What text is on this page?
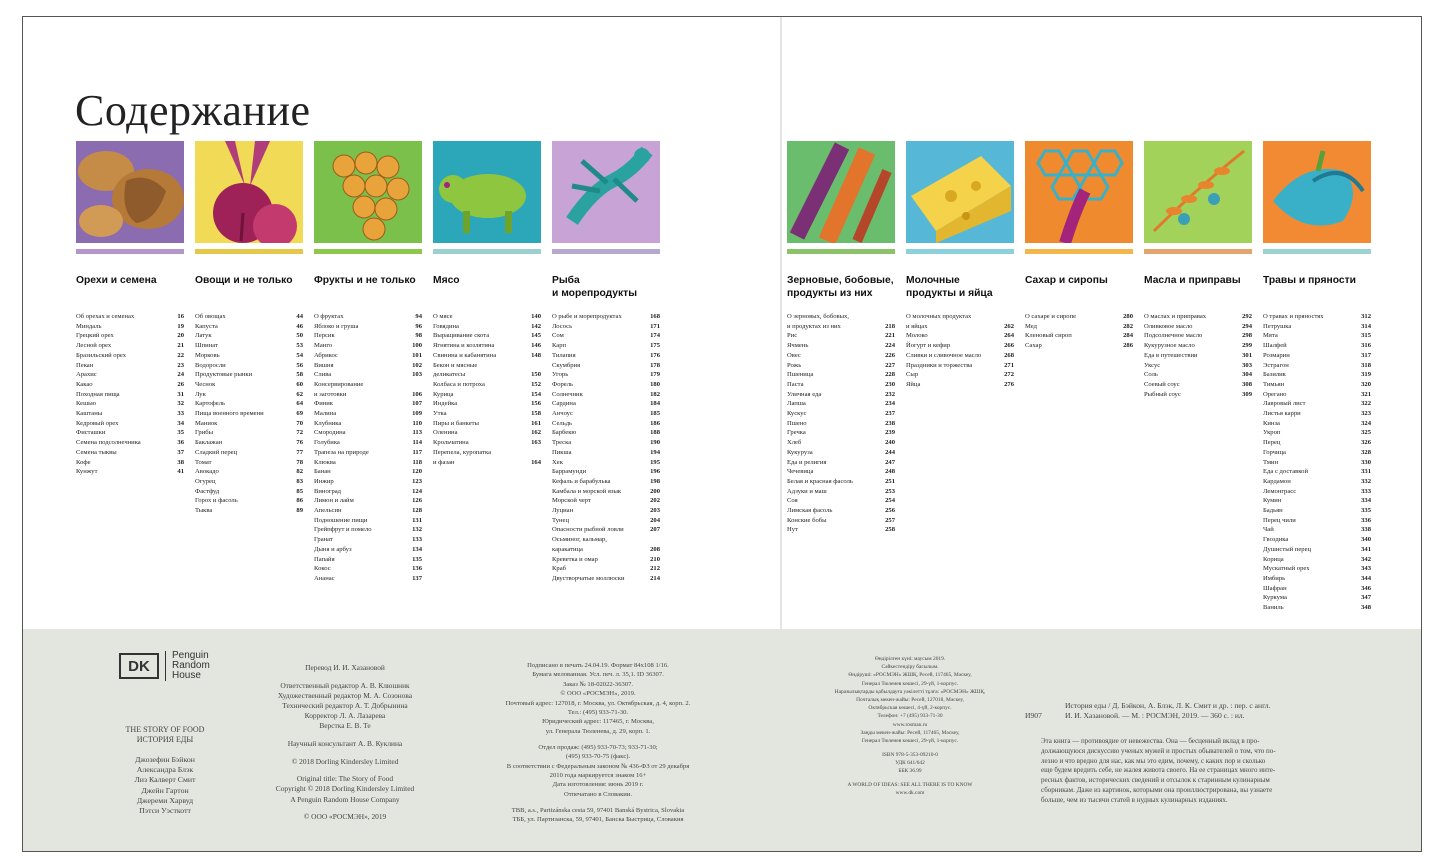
Содержание
Орехи и семена
Об орехах и семенах	16
Миндаль	19
Грецкий орех	20
Лесной орех	21
Бразильский орех	22
Пекан	23
Арахис	24
Какао	26
Походная пища	31
Кешью	32
Каштаны	33
Кедровый орех	34
Фисташки	35
Семена подсолнечника	36
Семена тыквы	37
Кофе	38
Кунжут	41
Овощи и не только
Об овощах	44
Капуста	46
Латук	50
Шпинат	53
Морковь	54
Водоросли	56
Продуктовые рынки	58
Чеснок	60
Лук	62
Картофель	64
Пища военного времени	69
Маниок	70
Грибы	72
Баклажан	76
Сладкий перец	77
Томат	78
Авокадо	82
Огурец	83
Фастфуд	85
Горох и фасоль	86
Тыква	89
Фрукты и не только
О фруктах	94
Яблоко и груша	96
Персик	98
Манго	100
Абрикос	101
Вишня	102
Слива	103
Консервирование
и заготовки	106
Финик	107
Малина	109
Клубника	110
Смородина	113
Голубика	114
Трапеза на природе	117
Клюква	118
Банан	120
Инжир	123
Виноград	124
Лимон и лайм	126
Апельсин	128
Подношение пищи	131
Грейпфрут и помело	132
Гранат	133
Дыня и арбуз	134
Папайя	135
Кокос	136
Ананас	137
Мясо
О мясе	140
Говядина	142
Выращивание скота	145
Ягнятина и козлятина	146
Свинина и кабанятина	148
Бекон и мясные
деликатесы	150
Колбаса и потроха	152
Курица	154
Индейка	156
Утка	158
Пиры и банкеты	161
Оленина	162
Крольчатина	163
Перепела, куропатка
и фазан	164
Рыба
и морепродукты
О рыбе и морепродуктах	168
Лосось	171
Сом	174
Карп	175
Тилапия	176
Скумбрия	178
Угорь	179
Форель	180
Солнечник	182
Сардина	184
Анчоус	185
Сельдь	186
Барбекю	188
Треска	190
Пикша	194
Хек	195
Баррамунди	196
Кефаль и барабулька	198
Камбала и морской язык	200
Морской черт	202
Луциан	203
Тунец	204
Опасности рыбной ловли	207
Осьминог, кальмар,
каракатица	208
Креветка и омар	210
Краб	212
Двустворчатые моллюски	214
Зерновые, бобовые,
продукты из них
О зерновых, бобовых,
и продуктах из них	218
Рис	221
Ячмень	224
Овес	226
Рожь	227
Пшеница	228
Паста	230
Уличная еда	232
Лапша	234
Кускус	237
Пшено	238
Гречка	239
Хлеб	240
Кукуруза	244
Еда и религия	247
Чечевица	248
Белая и красная фасоль	251
Адзуки и маш	253
Соя	254
Лимская фасоль	256
Конские бобы	257
Нут	258
Молочные
продукты и яйца
О молочных продуктах
и яйцах	262
Молоко	264
Йогурт и кефир	266
Сливки и сливочное масло	268
Праздники и торжества	271
Сыр	272
Яйца	276
Сахар и сиропы
О сахаре и сиропе	280
Мед	282
Кленовый сироп	284
Сахар	286
Масла и приправы
О маслах и приправах	292
Оливковое масло	294
Подсолнечное масло	298
Кукурузное масло	299
Еда в путешествии	301
Уксус	303
Соль	304
Соевый соус	308
Рыбный соус	309
Травы и пряности
О травах и пряностях	312
Петрушка	314
Мята	315
Шалфей	316
Розмарин	317
Эстрагон	318
Базилик	319
Тимьян	320
Орегано	321
Лавровый лист	322
Листья карри	323
Кинза	324
Укроп	325
Перец	326
Горчица	328
Тмин	330
Еда с доставкой	331
Кардамон	332
Лемонграсс	333
Кумин	334
Бадьян	335
Перец чили	336
Чай	338
Гвоздика	340
Душистый перец	341
Корица	342
Мускатный орех	343
Имбирь	344
Шафран	346
Куркума	347
Ваниль	348
DK
Penguin
Random
House
THE STORY OF FOOD
ИСТОРИЯ ЕДЫ
Джозефин Бэйкон
Александра Блэк
Лиз Калверт Смит
Джейн Гартон
Джереми Харвуд
Пэтси Уэсткотт
Перевод И. И. Хазановой
Ответственный редактор А. В. Клюшник
Художественный редактор М. А. Созонова
Технический редактор А. Т. Добрынина
Корректор Л. А. Лазарева
Верстка Е. В. Те
Научный консультант А. В. Куклина
© 2018 Dorling Kindersley Limited
Original title: The Story of Food
Copyright © 2018 Dorling Kindersley Limited
A Penguin Random House Company
© ООО «РОСМЭН», 2019
Подписано в печать 24.04.19. Формат 84х108 1/16.
Бумага мелованная. Усл. печ. л. 35,1. ID 36307.
Заказ № 18-02022-36307.
© ООО «РОСМЭН», 2019.
Почтовый адрес: 127018, г. Москва, ул. Октябрьская, д. 4, корп. 2.
Тел.: (495) 933-71-30.
Юридический адрес: 117465, г. Москва,
ул. Генерала Тюленева, д. 29, корп. 1.
Отдел продаж: (495) 933-70-73; 933-71-30;
(495) 933-70-75 (факс).
В соответствии с Федеральным законом № 436-ФЗ от 29 декабря
2010 года маркируется знаком 16+
Дата изготовления: июнь 2019 г.
Отпечатано в Словакии.
TBB, a.s., Partizánska cesta 59, 97401 Banská Bystrica, Slovakia
ТББ, ул. Партизанска, 59, 97401, Банска Быстрица, Словакия
Өндірілген күні: маусым 2019.
Сәйкестендіру басылым.
Өндіруші: «РОСМЭН» ЖШҚ, Ресей, 117465, Мәскеу,
Генерал Тюленев көшесі, 29-үй, 1-корпус.
Наразылықтарды қабылдауға уәкілетті тұлға: «РОСМЭН» ЖШҚ,
Почталық мекен-жайы: Ресей, 127018, Мәскеу,
Октябрьская көшесі, 4-үй, 2-корпус.
Телефон: +7 (495) 933-71-30
www.rosman.ru
Заңды мекен-жайы: Ресей, 117465, Мәскеу,
Генерал Тюленев көшесі, 29-үй, 1-корпус.
ISBN 978-5-353-09210-0
УДК 641/642
ББК 36.99
A WORLD OF IDEAS: SEE ALL THERE IS TO KNOW
www.dk.com
И907
История еды / Д. Бэйкон, А. Блэк, Л. К. Смит и др. : пер. с англ.
И. И. Хазановой. — М. : РОСМЭН, 2019. — 360 с. : ил.
Эта книга — противоядие от невежества. Она — бесценный вклад в про-
должающуюся дискуссию ученых мужей и простых обывателей о том, что по-
лезно и что вредно для нас, как мы это едим, почему, с каких пор и сколько
еще будем вредить себе, не жалея живота своего. На ее страницах много инте-
ресных фактов, исторических сведений и отсылок к старинным кулинарным
сборникам. Даже из картинок, которыми она проиллюстрирована, вы узнаете
больше, чем из тысячи статей в нудных кулинарных изданиях.
